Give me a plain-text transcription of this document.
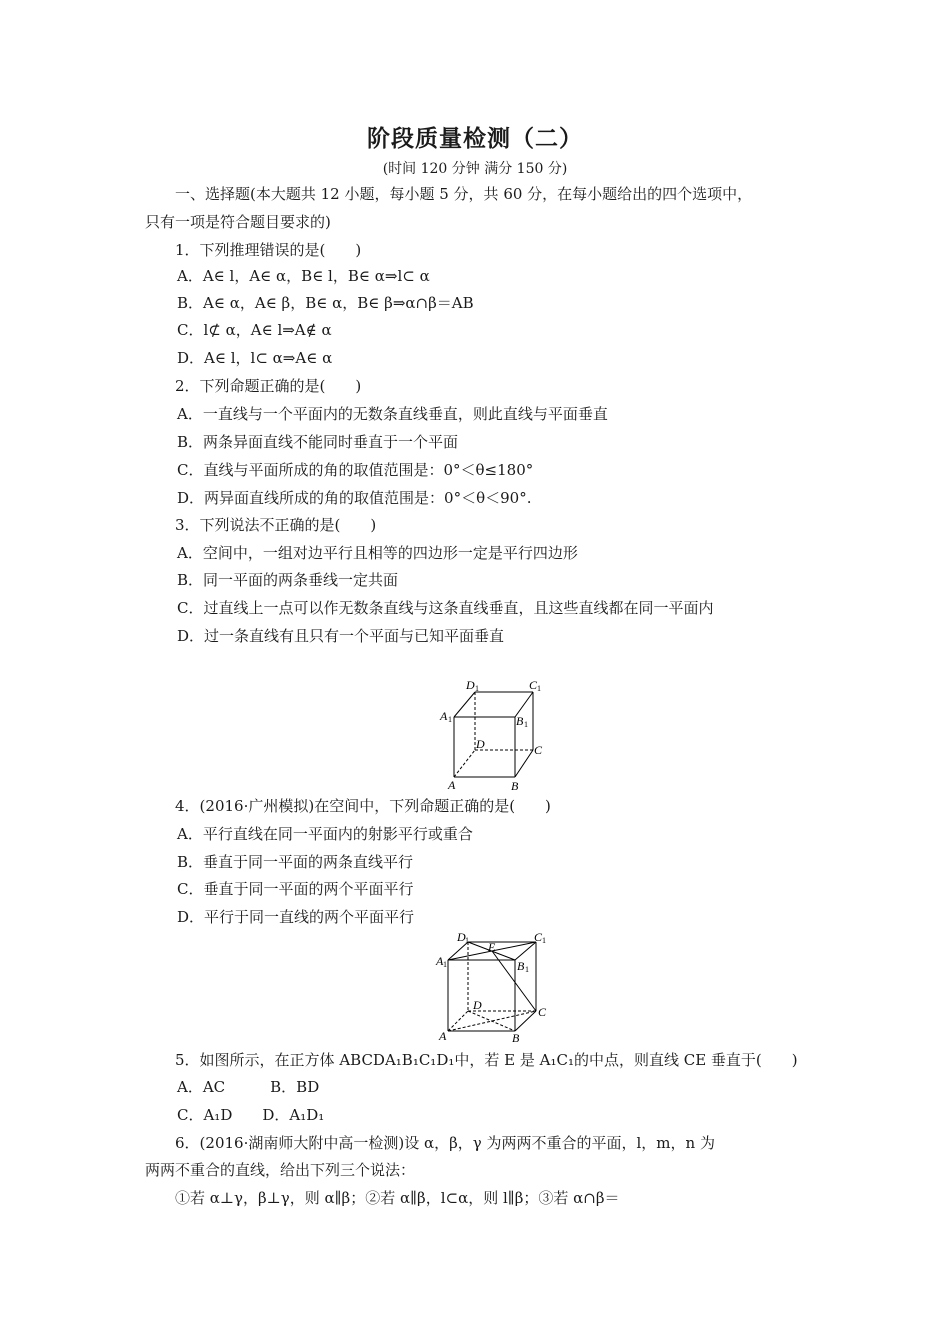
阶段质量检测（二）
(时间 120 分钟 满分 150 分)
一、选择题(本大题共 12 小题，每小题 5 分，共 60 分，在每小题给出的四个选项中，
只有一项是符合题目要求的)
1．下列推理错误的是(　　)
A．A∈ l，A∈ α，B∈ l，B∈ α⇒l⊂ α
B．A∈ α，A∈ β，B∈ α，B∈ β⇒α∩β＝AB
C．l⊄ α，A∈ l⇒A∉ α
D．A∈ l，l⊂ α⇒A∈ α
2．下列命题正确的是(　　)
A．一直线与一个平面内的无数条直线垂直，则此直线与平面垂直
B．两条异面直线不能同时垂直于一个平面
C．直线与平面所成的角的取值范围是：0°＜θ≤180°
D．两异面直线所成的角的取值范围是：0°＜θ＜90°.
3．下列说法不正确的是(　　)
A．空间中，一组对边平行且相等的四边形一定是平行四边形
B．同一平面的两条垂线一定共面
C．过直线上一点可以作无数条直线与这条直线垂直，且这些直线都在同一平面内
D．过一条直线有且只有一个平面与已知平面垂直
D 1	C 1
A 1	B 1
D	C
A	B
4．(2016·广州模拟)在空间中，下列命题正确的是(　　)
A．平行直线在同一平面内的射影平行或重合
B．垂直于同一平面的两条直线平行
C．垂直于同一平面的两个平面平行
D．平行于同一直线的两个平面平行
D 1 E
C 1
A 1	B 1
D	C
A	B
5．如图所示，在正方体 ABCDA₁B₁C₁D₁中，若 E 是 A₁C₁的中点，则直线 CE 垂直于(　　)
A．AC　　　B．BD
C．A₁D　　D．A₁D₁
6．(2016·湖南师大附中高一检测)设 α，β，γ 为两两不重合的平面，l，m，n 为
两两不重合的直线，给出下列三个说法：
①若 α⊥γ，β⊥γ，则 α∥β；②若 α∥β，l⊂α，则 l∥β；③若 α∩β＝
